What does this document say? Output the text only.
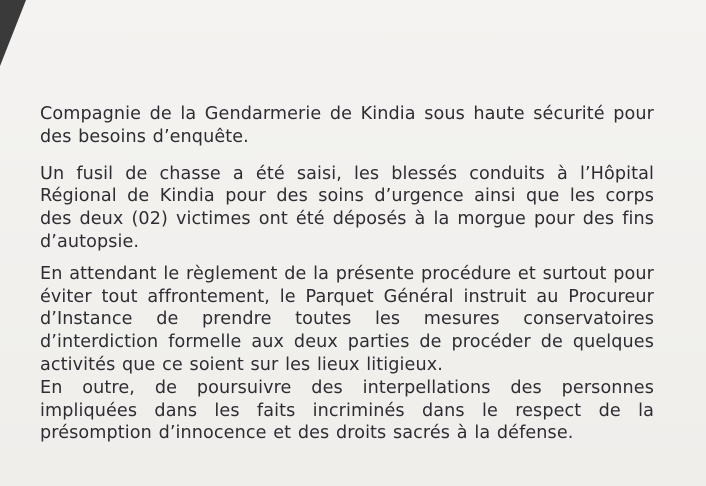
Compagnie de la Gendarmerie de Kindia sous haute sécurité pour des besoins d’enquête.

Un fusil de chasse a été saisi, les blessés conduits à l’Hôpital Régional de Kindia pour des soins d’urgence ainsi que les corps des deux (02) victimes ont été déposés à la morgue pour des fins d’autopsie.

En attendant le règlement de la présente procédure et surtout pour éviter tout affrontement, le Parquet Général instruit au Procureur d’Instance de prendre toutes les mesures conservatoires d’interdiction formelle aux deux parties de procéder de quelques activités que ce soient sur les lieux litigieux.

En outre, de poursuivre des interpellations des personnes impliquées dans les faits incriminés dans le respect de la présomption d’innocence et des droits sacrés à la défense.
